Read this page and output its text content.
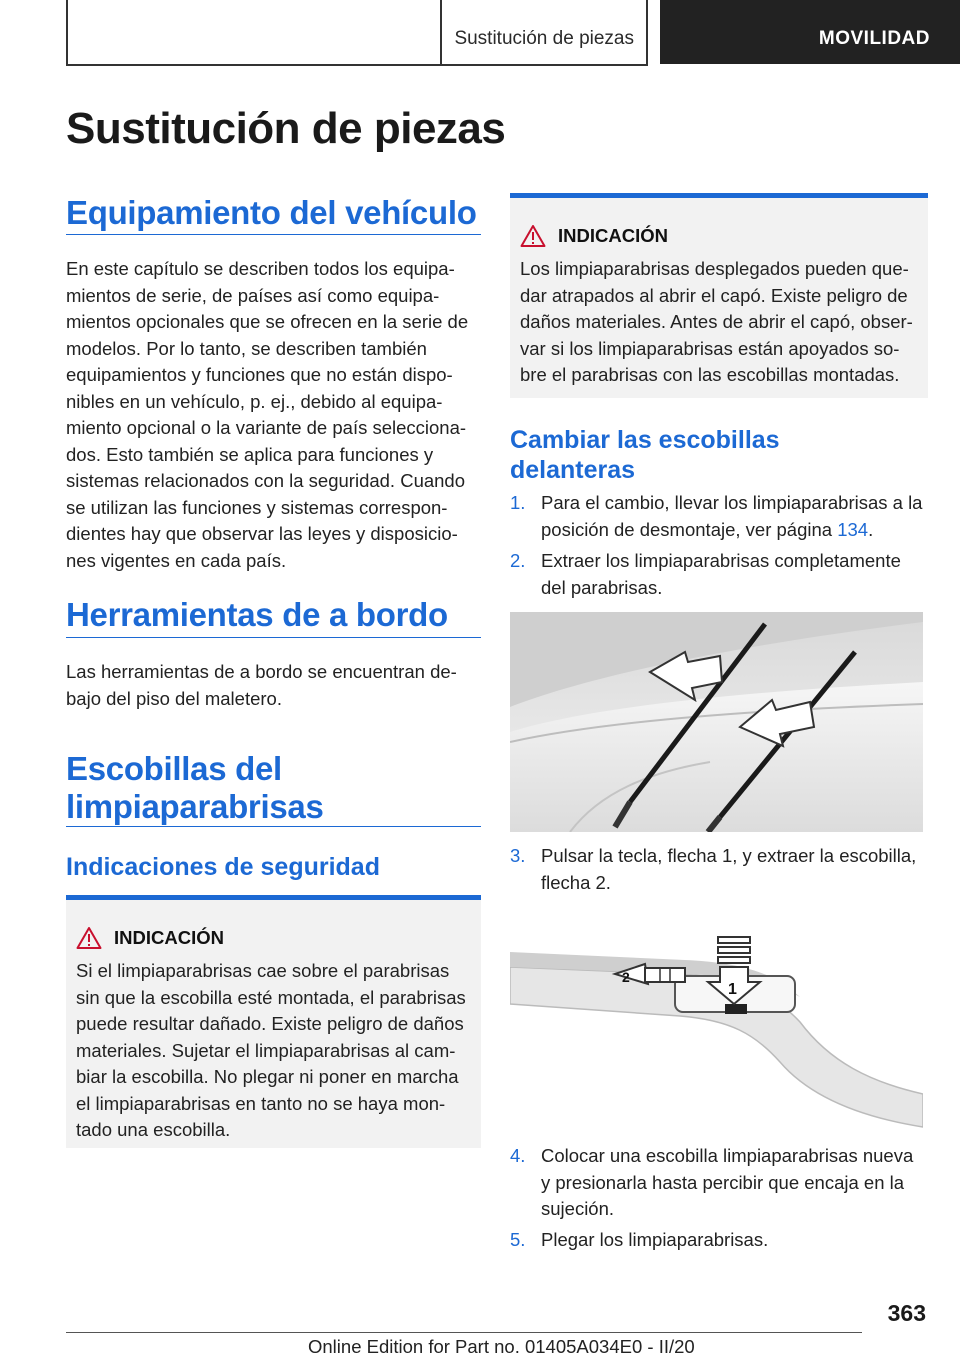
Sustitución de piezas	MOVILIDAD
Sustitución de piezas
Equipamiento del vehículo
En este capítulo se describen todos los equipa-
mientos de serie, de países así como equipa-
mientos opcionales que se ofrecen en la serie de
modelos. Por lo tanto, se describen también
equipamientos y funciones que no están dispo-
nibles en un vehículo, p. ej., debido al equipa-
miento opcional o la variante de país selecciona-
dos. Esto también se aplica para funciones y
sistemas relacionados con la seguridad. Cuando
se utilizan las funciones y sistemas correspon-
dientes hay que observar las leyes y disposicio-
nes vigentes en cada país.
Herramientas de a bordo
Las herramientas de a bordo se encuentran de-
bajo del piso del maletero.
Escobillas del
limpiaparabrisas
Indicaciones de seguridad
INDICACIÓN
Si el limpiaparabrisas cae sobre el parabrisas
sin que la escobilla esté montada, el parabrisas
puede resultar dañado. Existe peligro de daños
materiales. Sujetar el limpiaparabrisas al cam-
biar la escobilla. No plegar ni poner en marcha
el limpiaparabrisas en tanto no se haya mon-
tado una escobilla.
INDICACIÓN
Los limpiaparabrisas desplegados pueden que-
dar atrapados al abrir el capó. Existe peligro de
daños materiales. Antes de abrir el capó, obser-
var si los limpiaparabrisas están apoyados so-
bre el parabrisas con las escobillas montadas.
Cambiar las escobillas
delanteras
1. Para el cambio, llevar los limpiaparabrisas a la
posición de desmontaje, ver página 134.
2. Extraer los limpiaparabrisas completamente
del parabrisas.
3. Pulsar la tecla, flecha 1, y extraer la escobilla,
flecha 2.
1
2
4. Colocar una escobilla limpiaparabrisas nueva
y presionarla hasta percibir que encaja en la
sujeción.
5. Plegar los limpiaparabrisas.
363
Online Edition for Part no. 01405A034E0 - II/20
